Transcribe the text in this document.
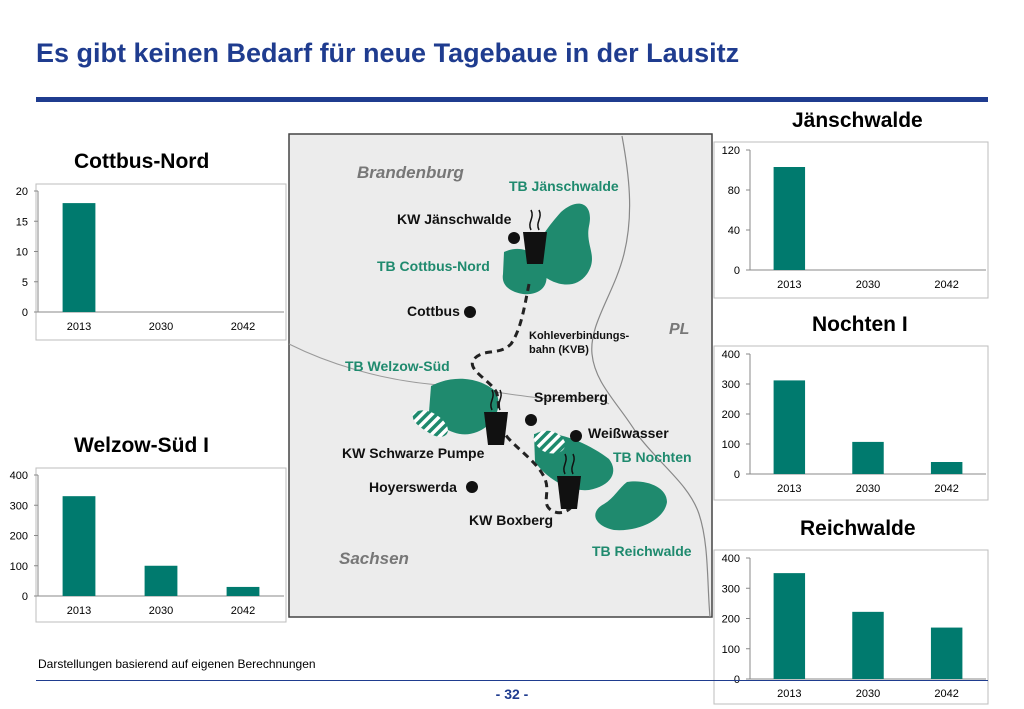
Es gibt keinen Bedarf für neue Tagebaue in der Lausitz
Cottbus-Nord
Welzow-Süd I
Jänschwalde
Nochten I
Reichwalde
0
5
10
15
20
2013	2030	2042
0
100
200
300
400
2013	2030	2042
0
40
80
120
2013	2030	2042
0
100
200
300
400
2013	2030	2042
100
200
300
400
2013	2030	2042
Brandenburg
Sachsen
PL
TB Jänschwalde
KW Jänschwalde
TB Cottbus-Nord
Cottbus
Kohleverbindungs-
bahn (KVB)
TB Welzow-Süd
Spremberg
Weißwasser
KW Schwarze Pumpe	TB Nochten
Hoyerswerda
KW Boxberg
TB Reichwalde
Darstellungen basierend auf eigenen Berechnungen
- 32 -
